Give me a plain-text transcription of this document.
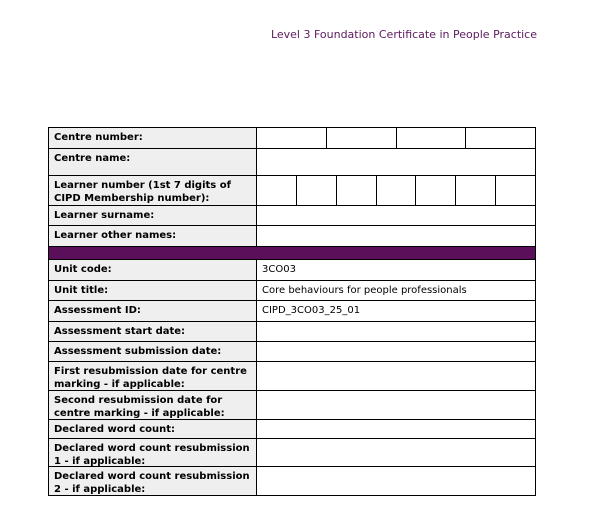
Level 3 Foundation Certificate in People Practice
Centre number:
Centre name:
Learner number (1st 7 digits of CIPD Membership number):
Learner surname:
Learner other names:
Unit code:	3CO03
Unit title:	Core behaviours for people professionals
Assessment ID:	CIPD_3CO03_25_01
Assessment start date:
Assessment submission date:
First resubmission date for centre marking - if applicable:
Second resubmission date for centre marking - if applicable:
Declared word count:
Declared word count resubmission 1 - if applicable:
Declared word count resubmission 2 - if applicable:
